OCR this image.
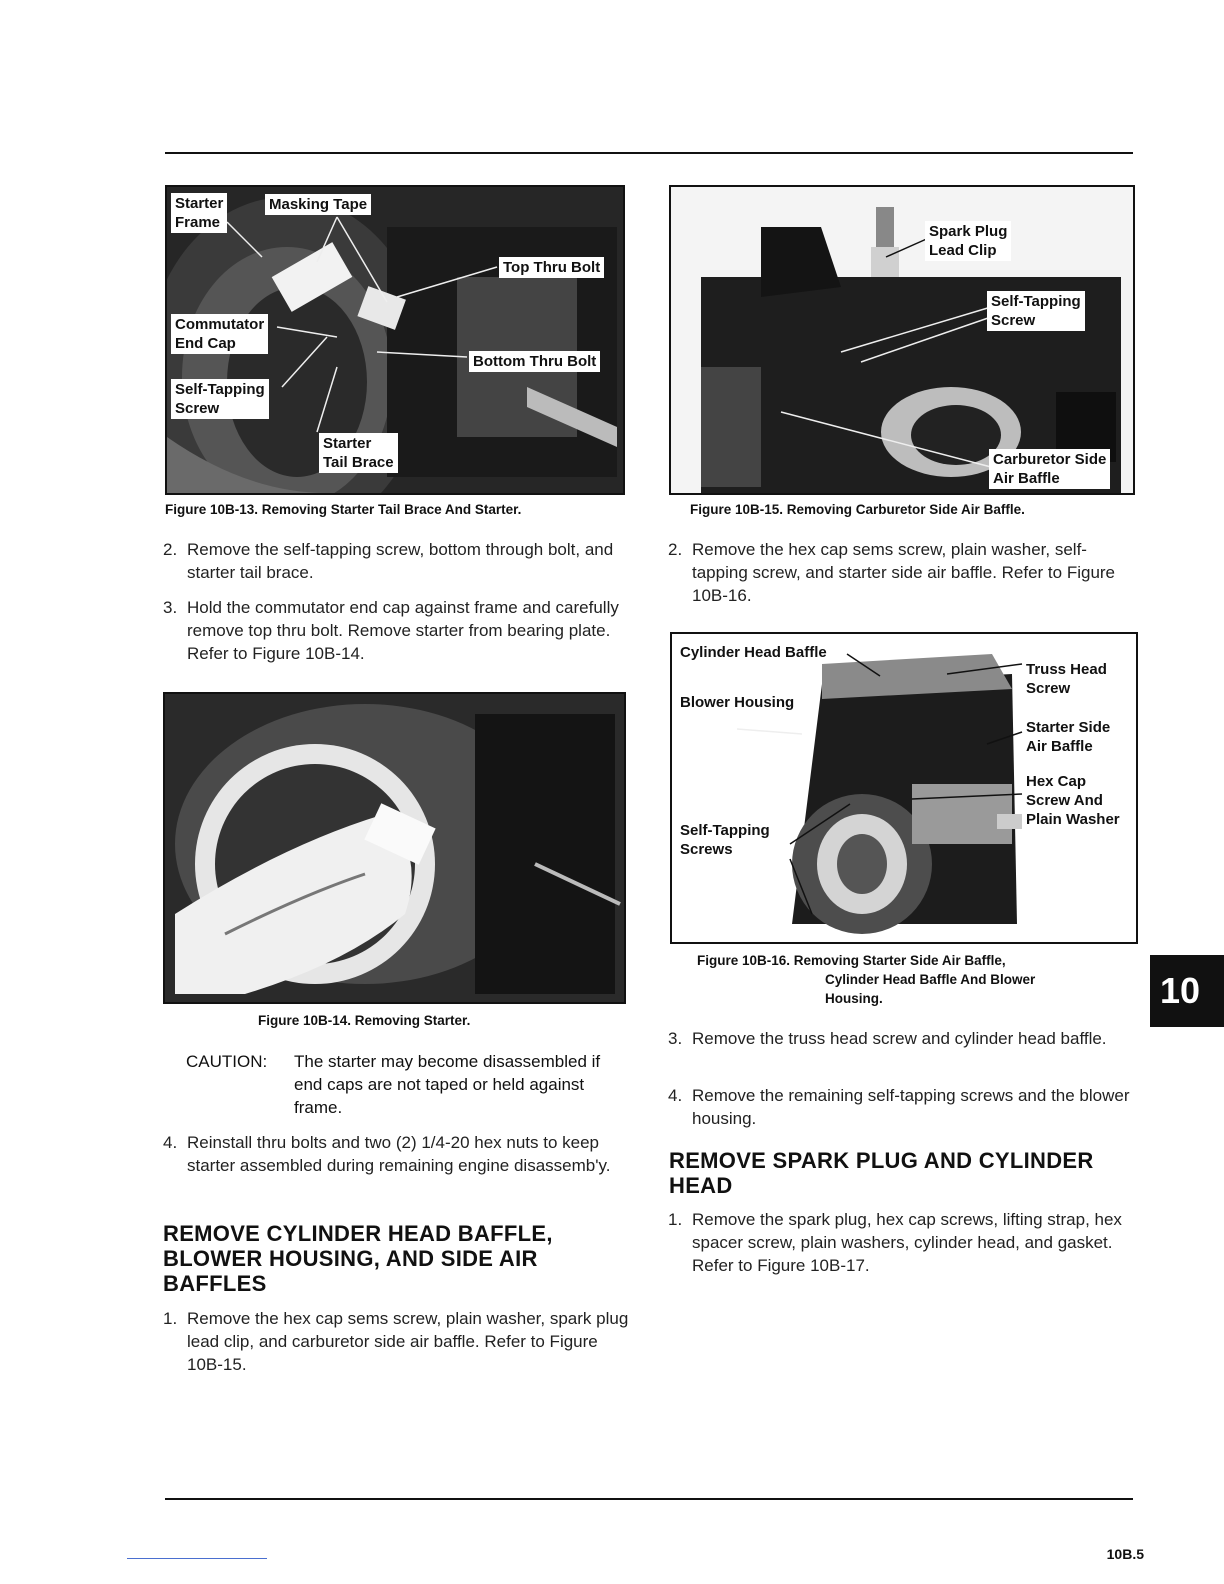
Starter
Frame
Masking Tape
Top Thru Bolt
Commutator
End Cap
Bottom Thru Bolt
Self-Tapping
Screw
Starter
Tail Brace
Figure 10B-13. Removing Starter Tail Brace And Starter.
Spark Plug
Lead Clip
Self-Tapping
Screw
Carburetor Side
Air Baffle
Figure 10B-15. Removing Carburetor Side Air Baffle.
2. Remove the self-tapping screw, bottom through bolt, and starter tail brace.
3. Hold the commutator end cap against frame and carefully remove top thru bolt. Remove starter from bearing plate. Refer to Figure 10B-14.
Figure 10B-14. Removing Starter.
CAUTION: The starter may become disassembled if end caps are not taped or held against frame.
4. Reinstall thru bolts and two (2) 1/4-20 hex nuts to keep starter assembled during remaining engine disassemb'y.
REMOVE CYLINDER HEAD BAFFLE, BLOWER HOUSING, AND SIDE AIR BAFFLES
1. Remove the hex cap sems screw, plain washer, spark plug lead clip, and carburetor side air baffle. Refer to Figure 10B-15.
2. Remove the hex cap sems screw, plain washer, self-tapping screw, and starter side air baffle. Refer to Figure 10B-16.
Cylinder Head Baffle
Truss Head
Screw
Blower Housing
Starter Side
Air Baffle
Hex Cap
Screw And
Plain Washer
Self-Tapping
Screws
Figure 10B-16. Removing Starter Side Air Baffle,
Cylinder Head Baffle And Blower
Housing.
3. Remove the truss head screw and cylinder head baffle.
4. Remove the remaining self-tapping screws and the blower housing.
REMOVE SPARK PLUG AND CYLINDER HEAD
1. Remove the spark plug, hex cap screws, lifting strap, hex spacer screw, plain washers, cylinder head, and gasket. Refer to Figure 10B-17.
10
10B.5
